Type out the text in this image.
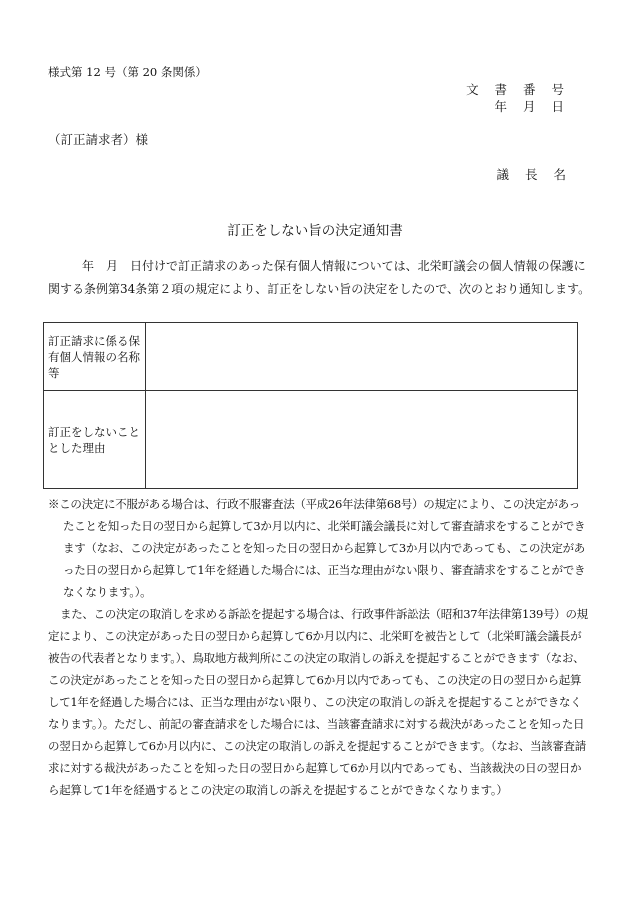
様式第 12 号（第 20 条関係）
文 書 番 号
年 月 日
（訂正請求者）様
議 長 名
訂正をしない旨の決定通知書

年　月　日付けで訂正請求のあった保有個人情報については、北栄町議会の個人情報の保護に

関する条例第34条第２項の規定により、訂正をしない旨の決定をしたので、次のとおり通知します。

訂正請求に係る保有個人情報の名称等	
訂正をしないこととした理由	

※この決定に不服がある場合は、行政不服審査法（平成26年法律第68号）の規定により、この決定があったことを知った日の翌日から起算して3か月以内に、北栄町議会議長に対して審査請求をすることができます（なお、この決定があったことを知った日の翌日から起算して3か月以内であっても、この決定があった日の翌日から起算して1年を経過した場合には、正当な理由がない限り、審査請求をすることができなくなります。）。

また、この決定の取消しを求める訴訟を提起する場合は、行政事件訴訟法（昭和37年法律第139号）の規定により、この決定があった日の翌日から起算して6か月以内に、北栄町を被告として（北栄町議会議長が被告の代表者となります。）、鳥取地方裁判所にこの決定の取消しの訴えを提起することができます（なお、この決定があったことを知った日の翌日から起算して6か月以内であっても、この決定の日の翌日から起算して1年を経過した場合には、正当な理由がない限り、この決定の取消しの訴えを提起することができなくなります。）。ただし、前記の審査請求をした場合には、当該審査請求に対する裁決があったことを知った日の翌日から起算して6か月以内に、この決定の取消しの訴えを提起することができます。（なお、当該審査請求に対する裁決があったことを知った日の翌日から起算して6か月以内であっても、当該裁決の日の翌日から起算して1年を経過するとこの決定の取消しの訴えを提起することができなくなります。）
